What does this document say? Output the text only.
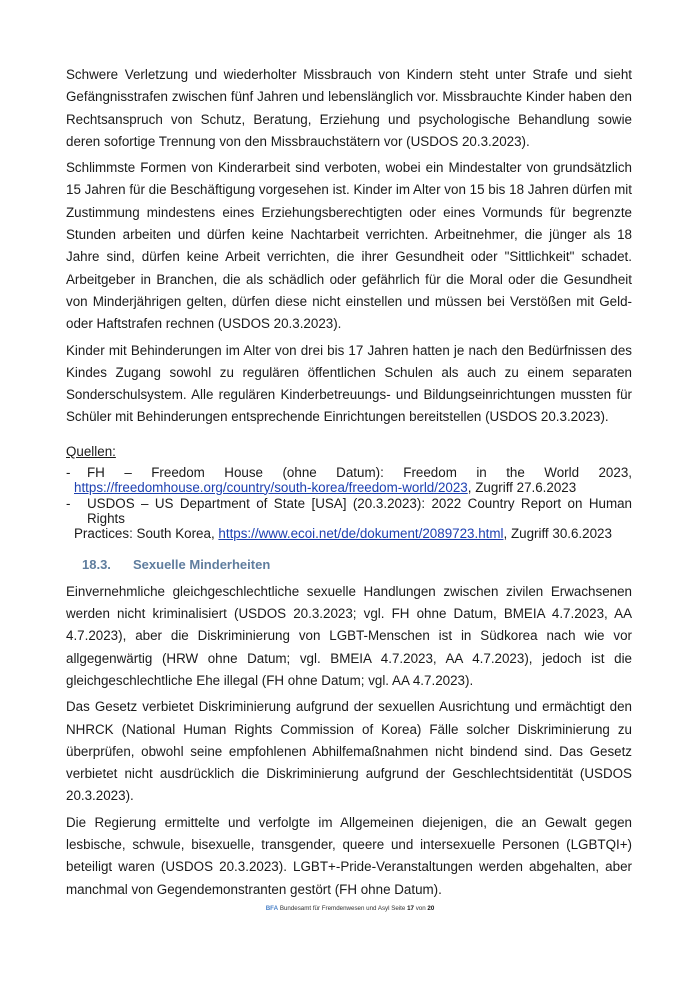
Schwere Verletzung und wiederholter Missbrauch von Kindern steht unter Strafe und sieht Gefängnisstrafen zwischen fünf Jahren und lebenslänglich vor. Missbrauchte Kinder haben den Rechtsanspruch von Schutz, Beratung, Erziehung und psychologische Behandlung sowie deren sofortige Trennung von den Missbrauchstätern vor (USDOS 20.3.2023).

Schlimmste Formen von Kinderarbeit sind verboten, wobei ein Mindestalter von grundsätzlich 15 Jahren für die Beschäftigung vorgesehen ist. Kinder im Alter von 15 bis 18 Jahren dürfen mit Zustimmung mindestens eines Erziehungsberechtigten oder eines Vormunds für begrenzte Stunden arbeiten und dürfen keine Nachtarbeit verrichten. Arbeitnehmer, die jünger als 18 Jahre sind, dürfen keine Arbeit verrichten, die ihrer Gesundheit oder "Sittlichkeit" schadet. Arbeitgeber in Branchen, die als schädlich oder gefährlich für die Moral oder die Gesundheit von Minderjährigen gelten, dürfen diese nicht einstellen und müssen bei Verstößen mit Geld- oder Haftstrafen rechnen (USDOS 20.3.2023).

Kinder mit Behinderungen im Alter von drei bis 17 Jahren hatten je nach den Bedürfnissen des Kindes Zugang sowohl zu regulären öffentlichen Schulen als auch zu einem separaten Sonderschulsystem. Alle regulären Kinderbetreuungs- und Bildungseinrichtungen mussten für Schüler mit Behinderungen entsprechende Einrichtungen bereitstellen (USDOS 20.3.2023).

Quellen:
-	FH – Freedom House (ohne Datum): Freedom in the World 2023,
https://freedomhouse.org/country/south-korea/freedom-world/2023, Zugriff 27.6.2023
-	USDOS – US Department of State [USA] (20.3.2023): 2022 Country Report on Human Rights
Practices: South Korea, https://www.ecoi.net/de/dokument/2089723.html, Zugriff 30.6.2023
18.3.	Sexuelle Minderheiten

Einvernehmliche gleichgeschlechtliche sexuelle Handlungen zwischen zivilen Erwachsenen werden nicht kriminalisiert (USDOS 20.3.2023; vgl. FH ohne Datum, BMEIA 4.7.2023, AA 4.7.2023), aber die Diskriminierung von LGBT-Menschen ist in Südkorea nach wie vor allgegenwärtig (HRW ohne Datum; vgl. BMEIA 4.7.2023, AA 4.7.2023), jedoch ist die gleichgeschlechtliche Ehe illegal (FH ohne Datum; vgl. AA 4.7.2023).

Das Gesetz verbietet Diskriminierung aufgrund der sexuellen Ausrichtung und ermächtigt den NHRCK (National Human Rights Commission of Korea) Fälle solcher Diskriminierung zu überprüfen, obwohl seine empfohlenen Abhilfemaßnahmen nicht bindend sind. Das Gesetz verbietet nicht ausdrücklich die Diskriminierung aufgrund der Geschlechtsidentität (USDOS 20.3.2023).

Die Regierung ermittelte und verfolgte im Allgemeinen diejenigen, die an Gewalt gegen lesbische, schwule, bisexuelle, transgender, queere und intersexuelle Personen (LGBTQI+) beteiligt waren (USDOS 20.3.2023). LGBT+-Pride-Veranstaltungen werden abgehalten, aber manchmal von Gegendemonstranten gestört (FH ohne Datum).

BFA Bundesamt für Fremdenwesen und Asyl Seite 17 von 20
